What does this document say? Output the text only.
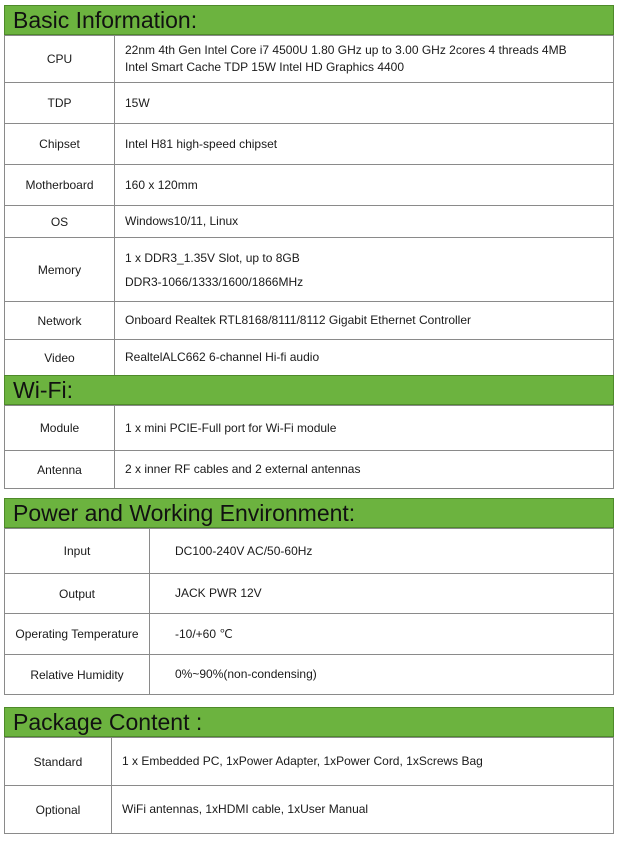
Basic Information:
CPU	22nm 4th Gen Intel Core i7 4500U 1.80 GHz up to 3.00 GHz 2cores 4 threads 4MB
Intel Smart Cache TDP 15W Intel HD Graphics 4400

TDP	15W
Chipset	Intel H81 high-speed chipset
Motherboard	160 x 120mm
OS	Windows10/11, Linux
Memory	1 x DDR3_1.35V Slot, up to 8GB
DDR3-1066/1333/1600/1866MHz

Network	Onboard Realtek RTL8168/8111/8112 Gigabit Ethernet Controller
Video	RealtelALC662 6-channel Hi-fi audio
Wi-Fi:
Module	1 x mini PCIE-Full port for Wi-Fi module
Antenna	2 x inner RF cables and 2 external antennas
Power and Working Environment:
Input	DC100-240V AC/50-60Hz
Output	JACK PWR 12V
Operating Temperature	-10/+60 ℃
Relative Humidity	0%~90%(non-condensing)
Package Content :
Standard	1 x Embedded PC, 1xPower Adapter, 1xPower Cord, 1xScrews Bag
Optional	WiFi antennas, 1xHDMI cable, 1xUser Manual
